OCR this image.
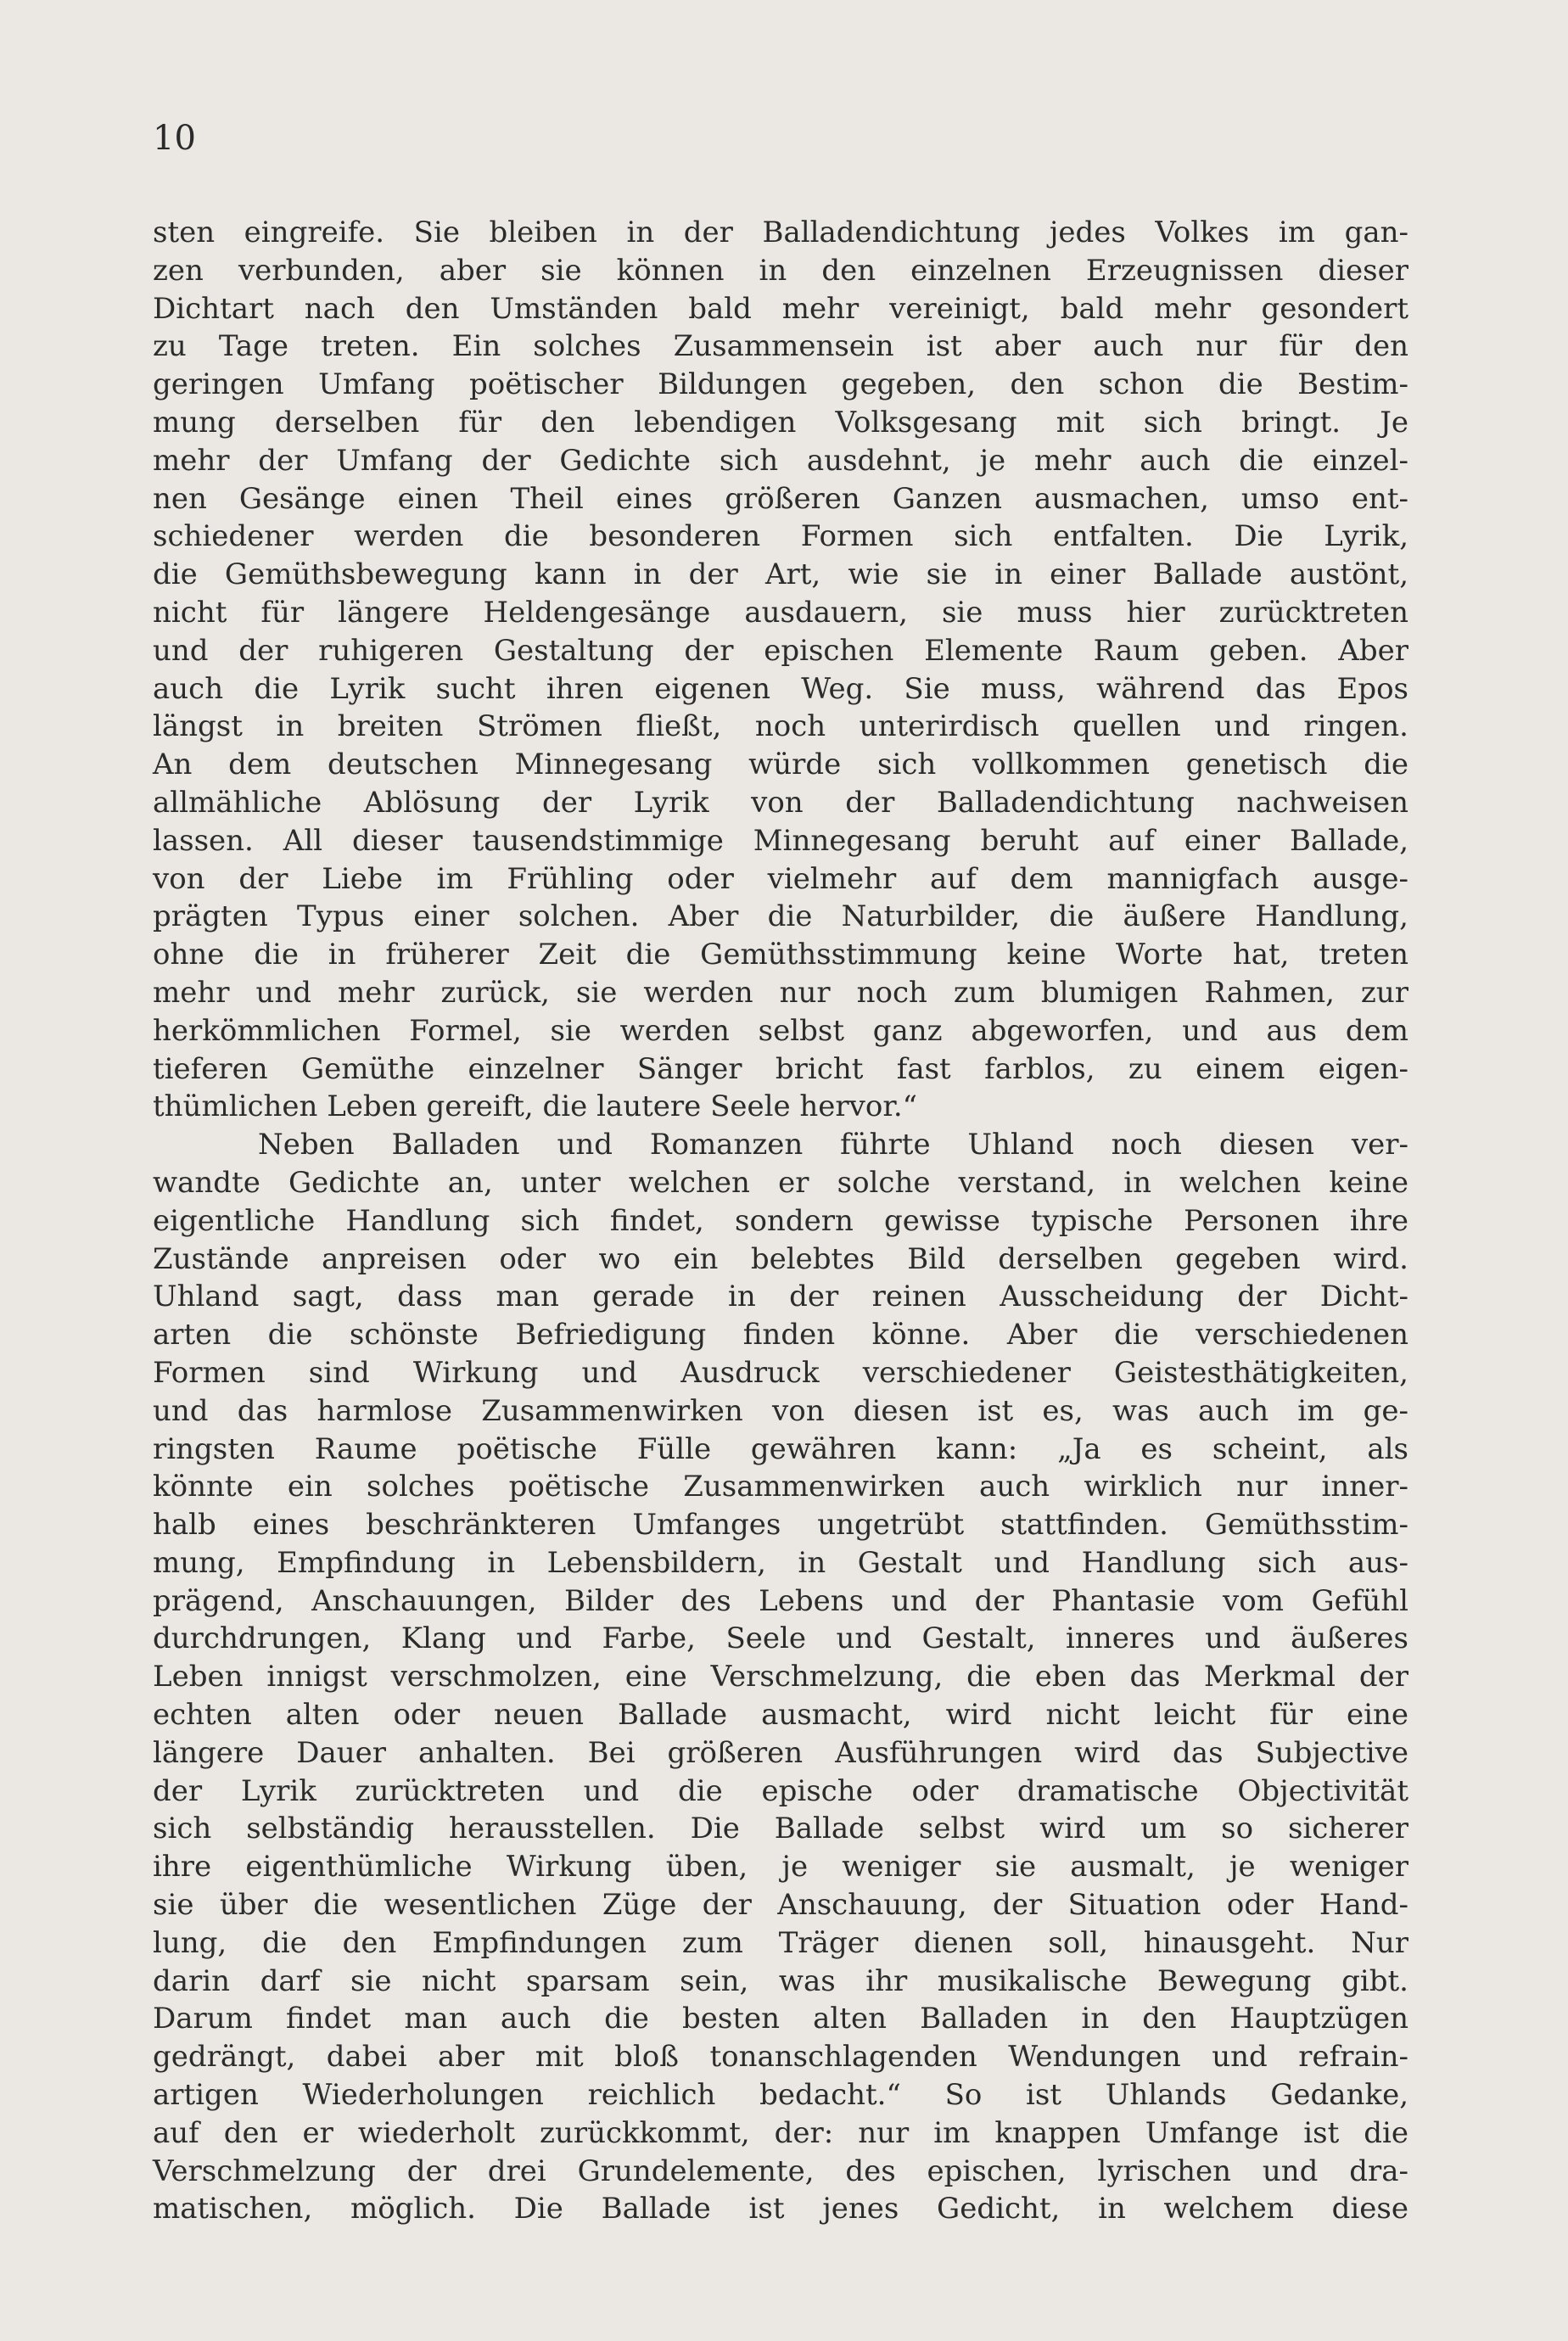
10
sten eingreife. Sie bleiben in der Balladendichtung jedes Volkes im gan-
zen verbunden, aber sie können in den einzelnen Erzeugnissen dieser
Dichtart nach den Umständen bald mehr vereinigt, bald mehr gesondert
zu Tage treten. Ein solches Zusammensein ist aber auch nur für den
geringen Umfang poëtischer Bildungen gegeben, den schon die Bestim-
mung derselben für den lebendigen Volksgesang mit sich bringt. Je
mehr der Umfang der Gedichte sich ausdehnt, je mehr auch die einzel-
nen Gesänge einen Theil eines größeren Ganzen ausmachen, umso ent-
schiedener werden die besonderen Formen sich entfalten. Die Lyrik,
die Gemüthsbewegung kann in der Art, wie sie in einer Ballade austönt,
nicht für längere Heldengesänge ausdauern, sie muss hier zurücktreten
und der ruhigeren Gestaltung der epischen Elemente Raum geben. Aber
auch die Lyrik sucht ihren eigenen Weg. Sie muss, während das Epos
längst in breiten Strömen fließt, noch unterirdisch quellen und ringen.
An dem deutschen Minnegesang würde sich vollkommen genetisch die
allmähliche Ablösung der Lyrik von der Balladendichtung nachweisen
lassen. All dieser tausendstimmige Minnegesang beruht auf einer Ballade,
von der Liebe im Frühling oder vielmehr auf dem mannigfach ausge-
prägten Typus einer solchen. Aber die Naturbilder, die äußere Handlung,
ohne die in früherer Zeit die Gemüthsstimmung keine Worte hat, treten
mehr und mehr zurück, sie werden nur noch zum blumigen Rahmen, zur
herkömmlichen Formel, sie werden selbst ganz abgeworfen, und aus dem
tieferen Gemüthe einzelner Sänger bricht fast farblos, zu einem eigen-
thümlichen Leben gereift, die lautere Seele hervor.“
Neben Balladen und Romanzen führte Uhland noch diesen ver-
wandte Gedichte an, unter welchen er solche verstand, in welchen keine
eigentliche Handlung sich findet, sondern gewisse typische Personen ihre
Zustände anpreisen oder wo ein belebtes Bild derselben gegeben wird.
Uhland sagt, dass man gerade in der reinen Ausscheidung der Dicht-
arten die schönste Befriedigung finden könne. Aber die verschiedenen
Formen sind Wirkung und Ausdruck verschiedener Geistesthätigkeiten,
und das harmlose Zusammenwirken von diesen ist es, was auch im ge-
ringsten Raume poëtische Fülle gewähren kann: „Ja es scheint, als
könnte ein solches poëtische Zusammenwirken auch wirklich nur inner-
halb eines beschränkteren Umfanges ungetrübt stattfinden. Gemüthsstim-
mung, Empfindung in Lebensbildern, in Gestalt und Handlung sich aus-
prägend, Anschauungen, Bilder des Lebens und der Phantasie vom Gefühl
durchdrungen, Klang und Farbe, Seele und Gestalt, inneres und äußeres
Leben innigst verschmolzen, eine Verschmelzung, die eben das Merkmal der
echten alten oder neuen Ballade ausmacht, wird nicht leicht für eine
längere Dauer anhalten. Bei größeren Ausführungen wird das Subjective
der Lyrik zurücktreten und die epische oder dramatische Objectivität
sich selbständig herausstellen. Die Ballade selbst wird um so sicherer
ihre eigenthümliche Wirkung üben, je weniger sie ausmalt, je weniger
sie über die wesentlichen Züge der Anschauung, der Situation oder Hand-
lung, die den Empfindungen zum Träger dienen soll, hinausgeht. Nur
darin darf sie nicht sparsam sein, was ihr musikalische Bewegung gibt.
Darum findet man auch die besten alten Balladen in den Hauptzügen
gedrängt, dabei aber mit bloß tonanschlagenden Wendungen und refrain-
artigen Wiederholungen reichlich bedacht.“ So ist Uhlands Gedanke,
auf den er wiederholt zurückkommt, der: nur im knappen Umfange ist die
Verschmelzung der drei Grundelemente, des epischen, lyrischen und dra-
matischen, möglich. Die Ballade ist jenes Gedicht, in welchem diese
